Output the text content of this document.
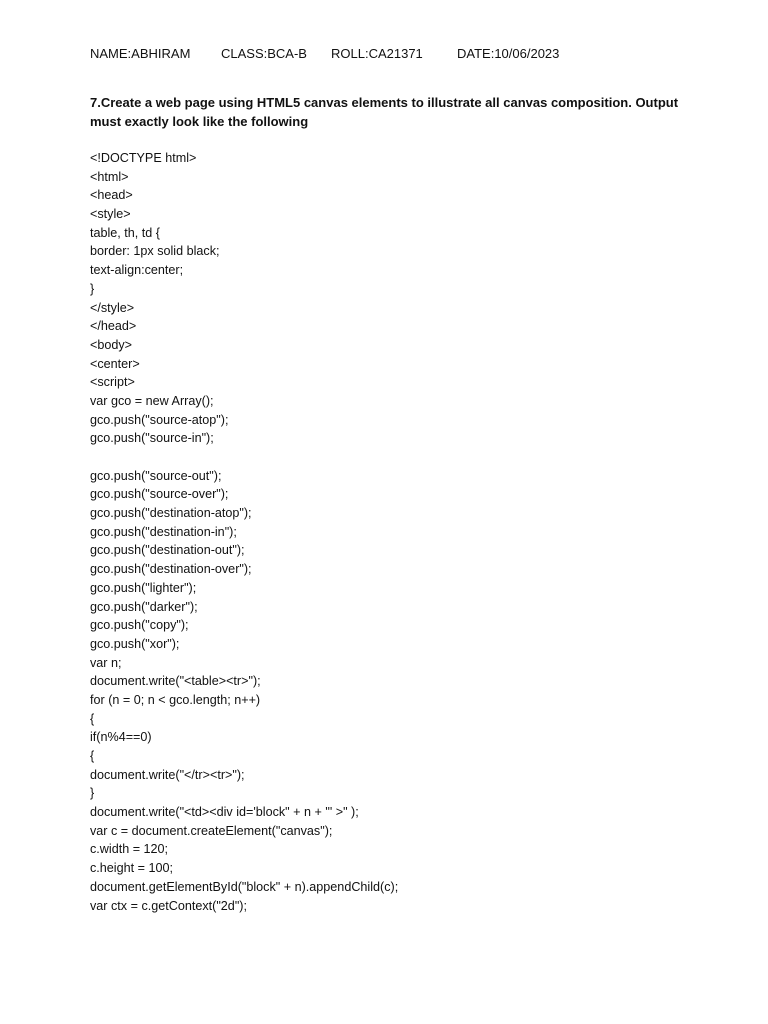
NAME:ABHIRAM CLASS:BCA-B ROLL:CA21371	DATE:10/06/2023
7.Create a web page using HTML5 canvas elements to illustrate all canvas composition. Output must exactly look like the following
<!DOCTYPE html>
<html>
<head>
<style>
table, th, td {
border: 1px solid black;
text-align:center;
}
</style>
</head>
<body>
<center>
<script>
var gco = new Array();
gco.push("source-atop");
gco.push("source-in");
gco.push("source-out");
gco.push("source-over");
gco.push("destination-atop");
gco.push("destination-in");
gco.push("destination-out");
gco.push("destination-over");
gco.push("lighter");
gco.push("darker");
gco.push("copy");
gco.push("xor");
var n;
document.write("<table><tr>");
for (n = 0; n < gco.length; n++)
{
if(n%4==0)
{
document.write("</tr><tr>");
}
document.write("<td><div id='block" + n + "' >" );
var c = document.createElement("canvas");
c.width = 120;
c.height = 100;
document.getElementById("block" + n).appendChild(c);
var ctx = c.getContext("2d");
